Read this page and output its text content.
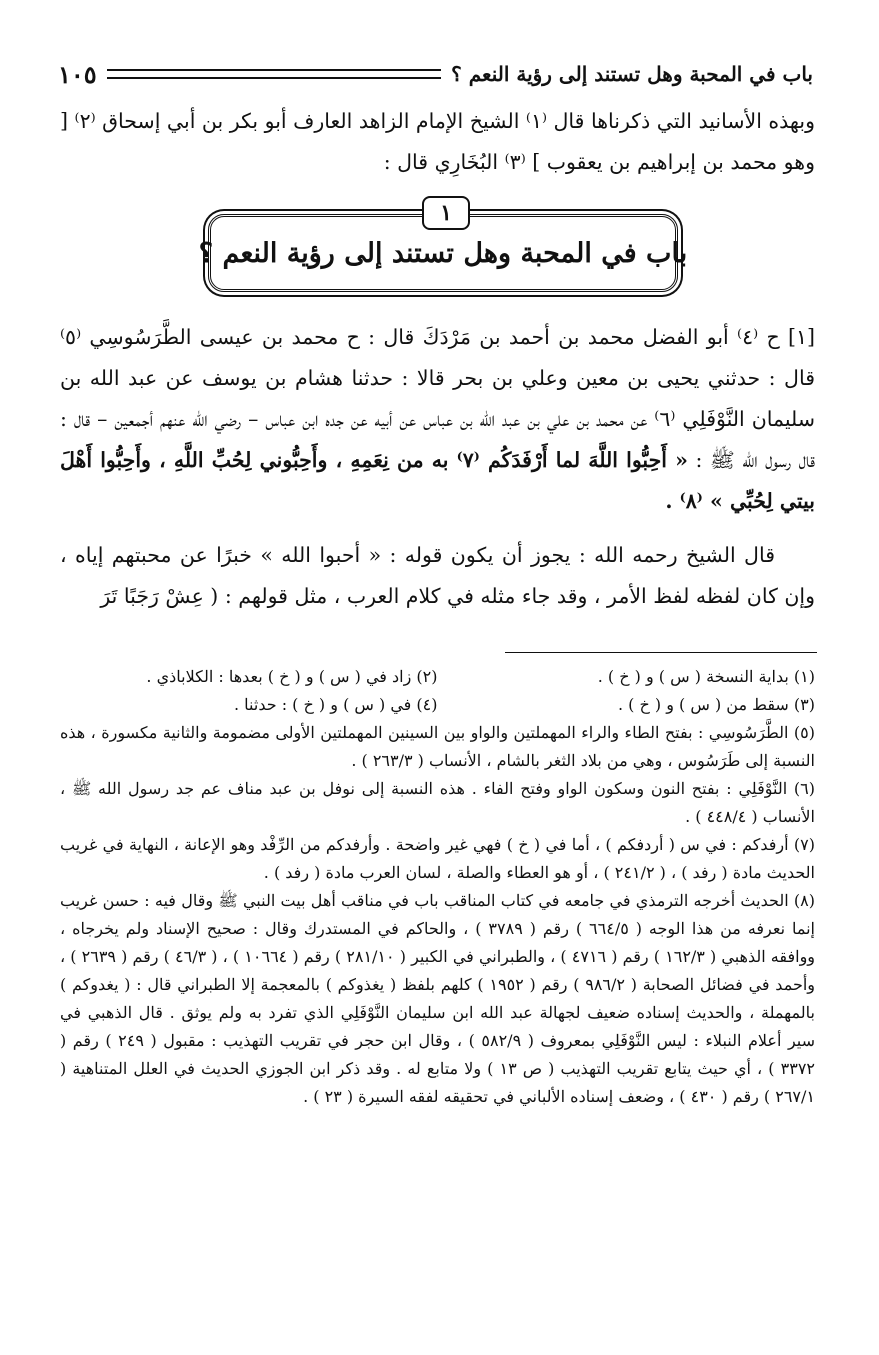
باب في المحبة وهل تستند إلى رؤية النعم ؟
١٠٥

وبهذه الأسانيد التي ذكرناها قال ⁽١⁾ الشيخ الإمام الزاهد العارف أبو بكر بن أبي إسحاق ⁽٢⁾ [ وهو محمد بن إبراهيم بن يعقوب ] ⁽٣⁾ البُخَارِي قال :

١
باب في المحبة وهل تستند إلى رؤية النعم ؟

[١] ح ⁽٤⁾ أبو الفضل محمد بن أحمد بن مَرْدَكَ قال : ح محمد بن عيسى الطَّرَسُوسِي ⁽٥⁾ قال : حدثني يحيى بن معين وعلي بن بحر قالا : حدثنا هشام بن يوسف عن عبد الله بن سليمان النَّوْفَلِي ⁽٦⁾ عن محمد بن علي بن عبد الله بن عباس عن أبيه عن جده ابن عباس – رضي الله عنهم أجمعين – قال : قال رسول الله ﷺ : « أَحِبُّوا اللَّهَ لما أَرْفَدَكُم ⁽٧⁾ به من نِعَمِهِ ، وأَحِبُّوني لِحُبِّ اللَّهِ ، وأَحِبُّوا أَهْلَ بيتي لِحُبِّي » ⁽٨⁾ .

قال الشيخ رحمه الله : يجوز أن يكون قوله : « أحبوا الله » خبرًا عن محبتهم إياه ، وإن كان لفظه لفظ الأمر ، وقد جاء مثله في كلام العرب ، مثل قولهم : ( عِشْ رَجَبًا تَرَ

(١) بداية النسخة ( س ) و ( خ ) .
(٢) زاد في ( س ) و ( خ ) بعدها : الكلاباذي .
(٣) سقط من ( س ) و ( خ ) .
(٤) في ( س ) و ( خ ) : حدثنا .

(٥) الطَّرَسُوسِي : بفتح الطاء والراء المهملتين والواو بين السينين المهملتين الأولى مضمومة والثانية مكسورة ، هذه النسبة إلى طَرَسُوس ، وهي من بلاد الثغر بالشام ، الأنساب ( ٢٦٣/٣ ) .

(٦) النَّوْفَلِي : بفتح النون وسكون الواو وفتح الفاء . هذه النسبة إلى نوفل بن عبد مناف عم جد رسول الله ﷺ ، الأنساب ( ٤٤٨/٤ ) .

(٧) أرفدكم : في س ( أردفكم ) ، أما في ( خ ) فهي غير واضحة . وأرفدكم من الرِّفْد وهو الإعانة ، النهاية في غريب الحديث مادة ( رفد ) ، ( ٢٤١/٢ ) ، أو هو العطاء والصلة ، لسان العرب مادة ( رفد ) .

(٨) الحديث أخرجه الترمذي في جامعه في كتاب المناقب باب في مناقب أهل بيت النبي ﷺ وقال فيه : حسن غريب إنما نعرفه من هذا الوجه ( ٦٦٤/٥ ) رقم ( ٣٧٨٩ ) ، والحاكم في المستدرك وقال : صحيح الإسناد ولم يخرجاه ، ووافقه الذهبي ( ١٦٢/٣ ) رقم ( ٤٧١٦ ) ، والطبراني في الكبير ( ٢٨١/١٠ ) رقم ( ١٠٦٦٤ ) ، ( ٤٦/٣ ) رقم ( ٢٦٣٩ ) ، وأحمد في فضائل الصحابة ( ٩٨٦/٢ ) رقم ( ١٩٥٢ ) كلهم بلفظ ( يغذوكم ) بالمعجمة إلا الطبراني قال : ( يغدوكم ) بالمهملة ، والحديث إسناده ضعيف لجهالة عبد الله ابن سليمان النَّوْفَلِي الذي تفرد به ولم يوثق . قال الذهبي في سير أعلام النبلاء : ليس النَّوْفَلِي بمعروف ( ٥٨٢/٩ ) ، وقال ابن حجر في تقريب التهذيب : مقبول ( ٢٤٩ ) رقم ( ٣٣٧٢ ) ، أي حيث يتابع تقريب التهذيب ( ص ١٣ ) ولا متابع له . وقد ذكر ابن الجوزي الحديث في العلل المتناهية ( ٢٦٧/١ ) رقم ( ٤٣٠ ) ، وضعف إسناده الألباني في تحقيقه لفقه السيرة ( ٢٣ ) .
